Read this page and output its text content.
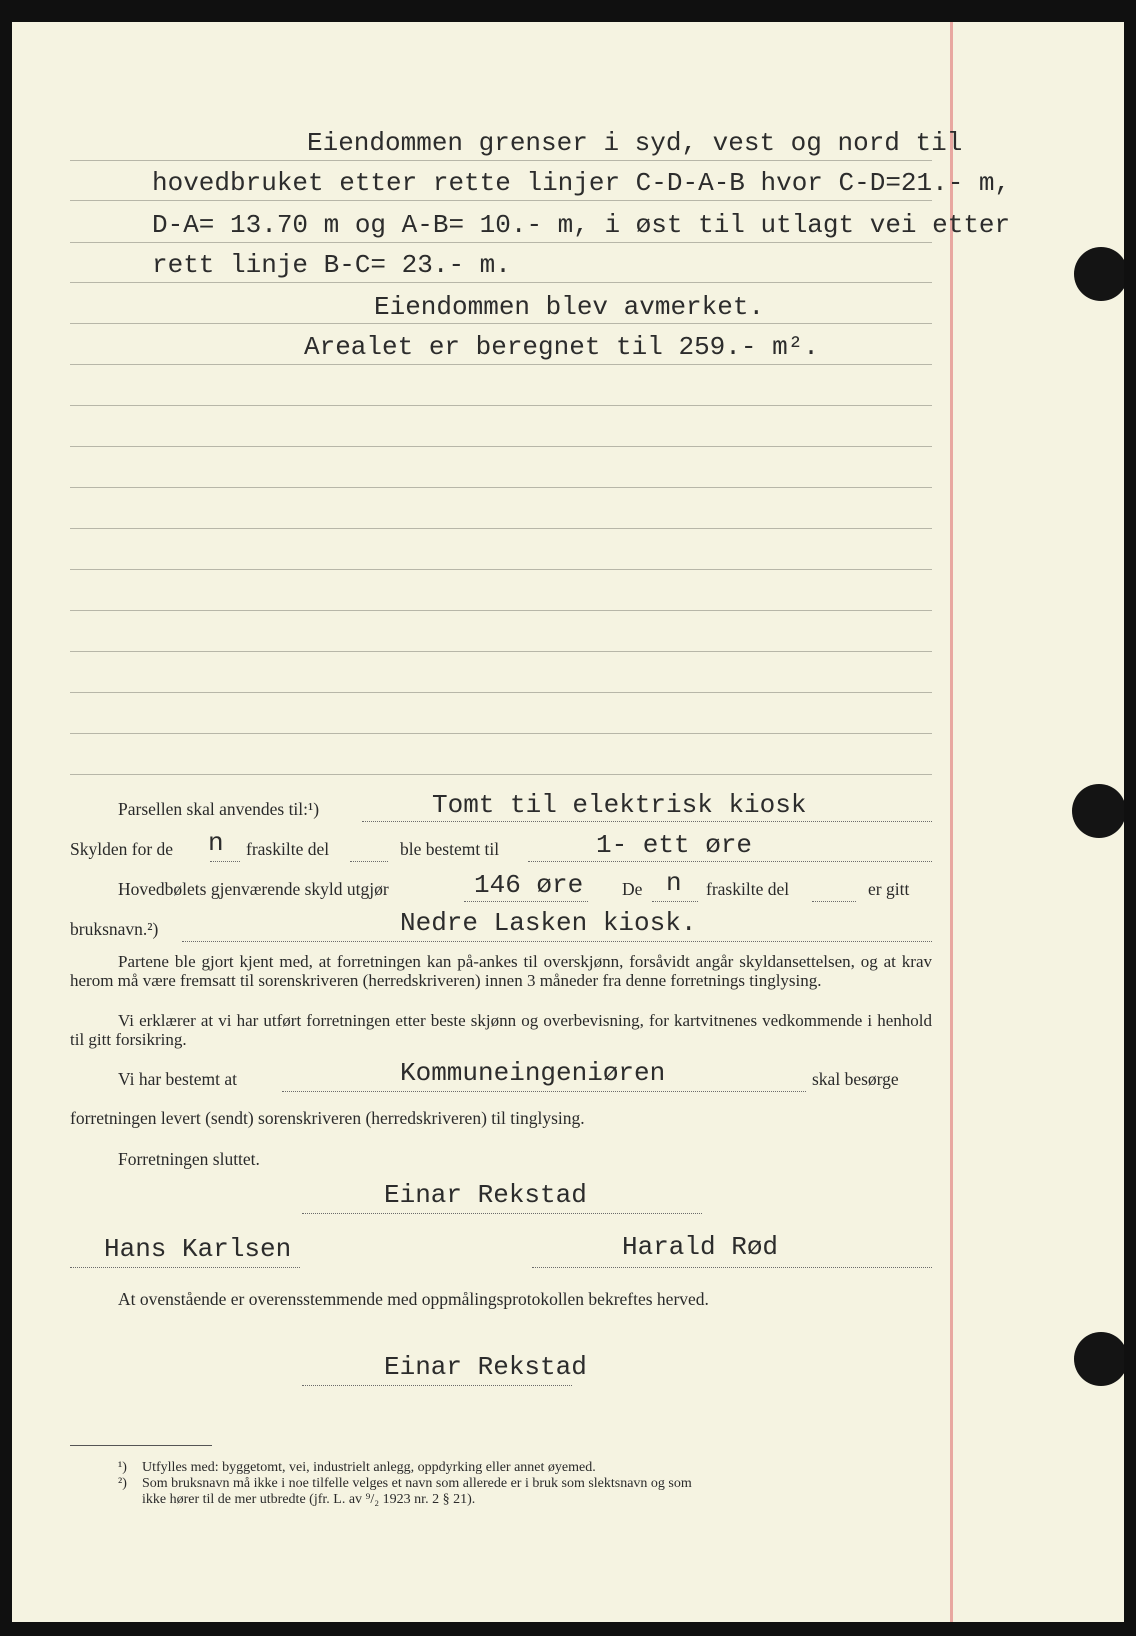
Eiendommen grenser i syd, vest og nord til
hovedbruket etter rette linjer C-D-A-B hvor C-D=21.- m,
D-A= 13.70 m og A-B= 10.- m, i øst til utlagt vei etter
rett linje B-C= 23.- m.
Eiendommen blev avmerket.
Arealet er beregnet til 259.- m².
Parsellen skal anvendes til:¹)	Tomt til elektrisk kiosk
Skylden for de n fraskilte del	ble bestemt til	1- ett øre
Hovedbølets gjenværende skyld utgjør	146 øre De n fraskilte del	er gitt
bruksnavn.²)	Nedre Lasken kiosk.
Partene ble gjort kjent med, at forretningen kan på-ankes til overskjønn, forsåvidt angår skyldansettelsen, og at krav herom må være fremsatt til sorenskriveren (herredskriveren) innen 3 måneder fra denne forretnings tinglysing.
Vi erklærer at vi har utført forretningen etter beste skjønn og overbevisning, for kartvitnenes vedkommende i henhold til gitt forsikring.
Vi har bestemt at	Kommuneingeniøren	skal besørge
forretningen levert (sendt) sorenskriveren (herredskriveren) til tinglysing.
Forretningen sluttet.
Einar Rekstad
Hans Karlsen	Harald Rød
At ovenstående er overensstemmende med oppmålingsprotokollen bekreftes herved.
Einar Rekstad
¹) Utfylles med: byggetomt, vei, industrielt anlegg, oppdyrking eller annet øyemed.
²) Som bruksnavn må ikke i noe tilfelle velges et navn som allerede er i bruk som slektsnavn og som
ikke hører til de mer utbredte (jfr. L. av ⁹/₂ 1923 nr. 2 § 21).
